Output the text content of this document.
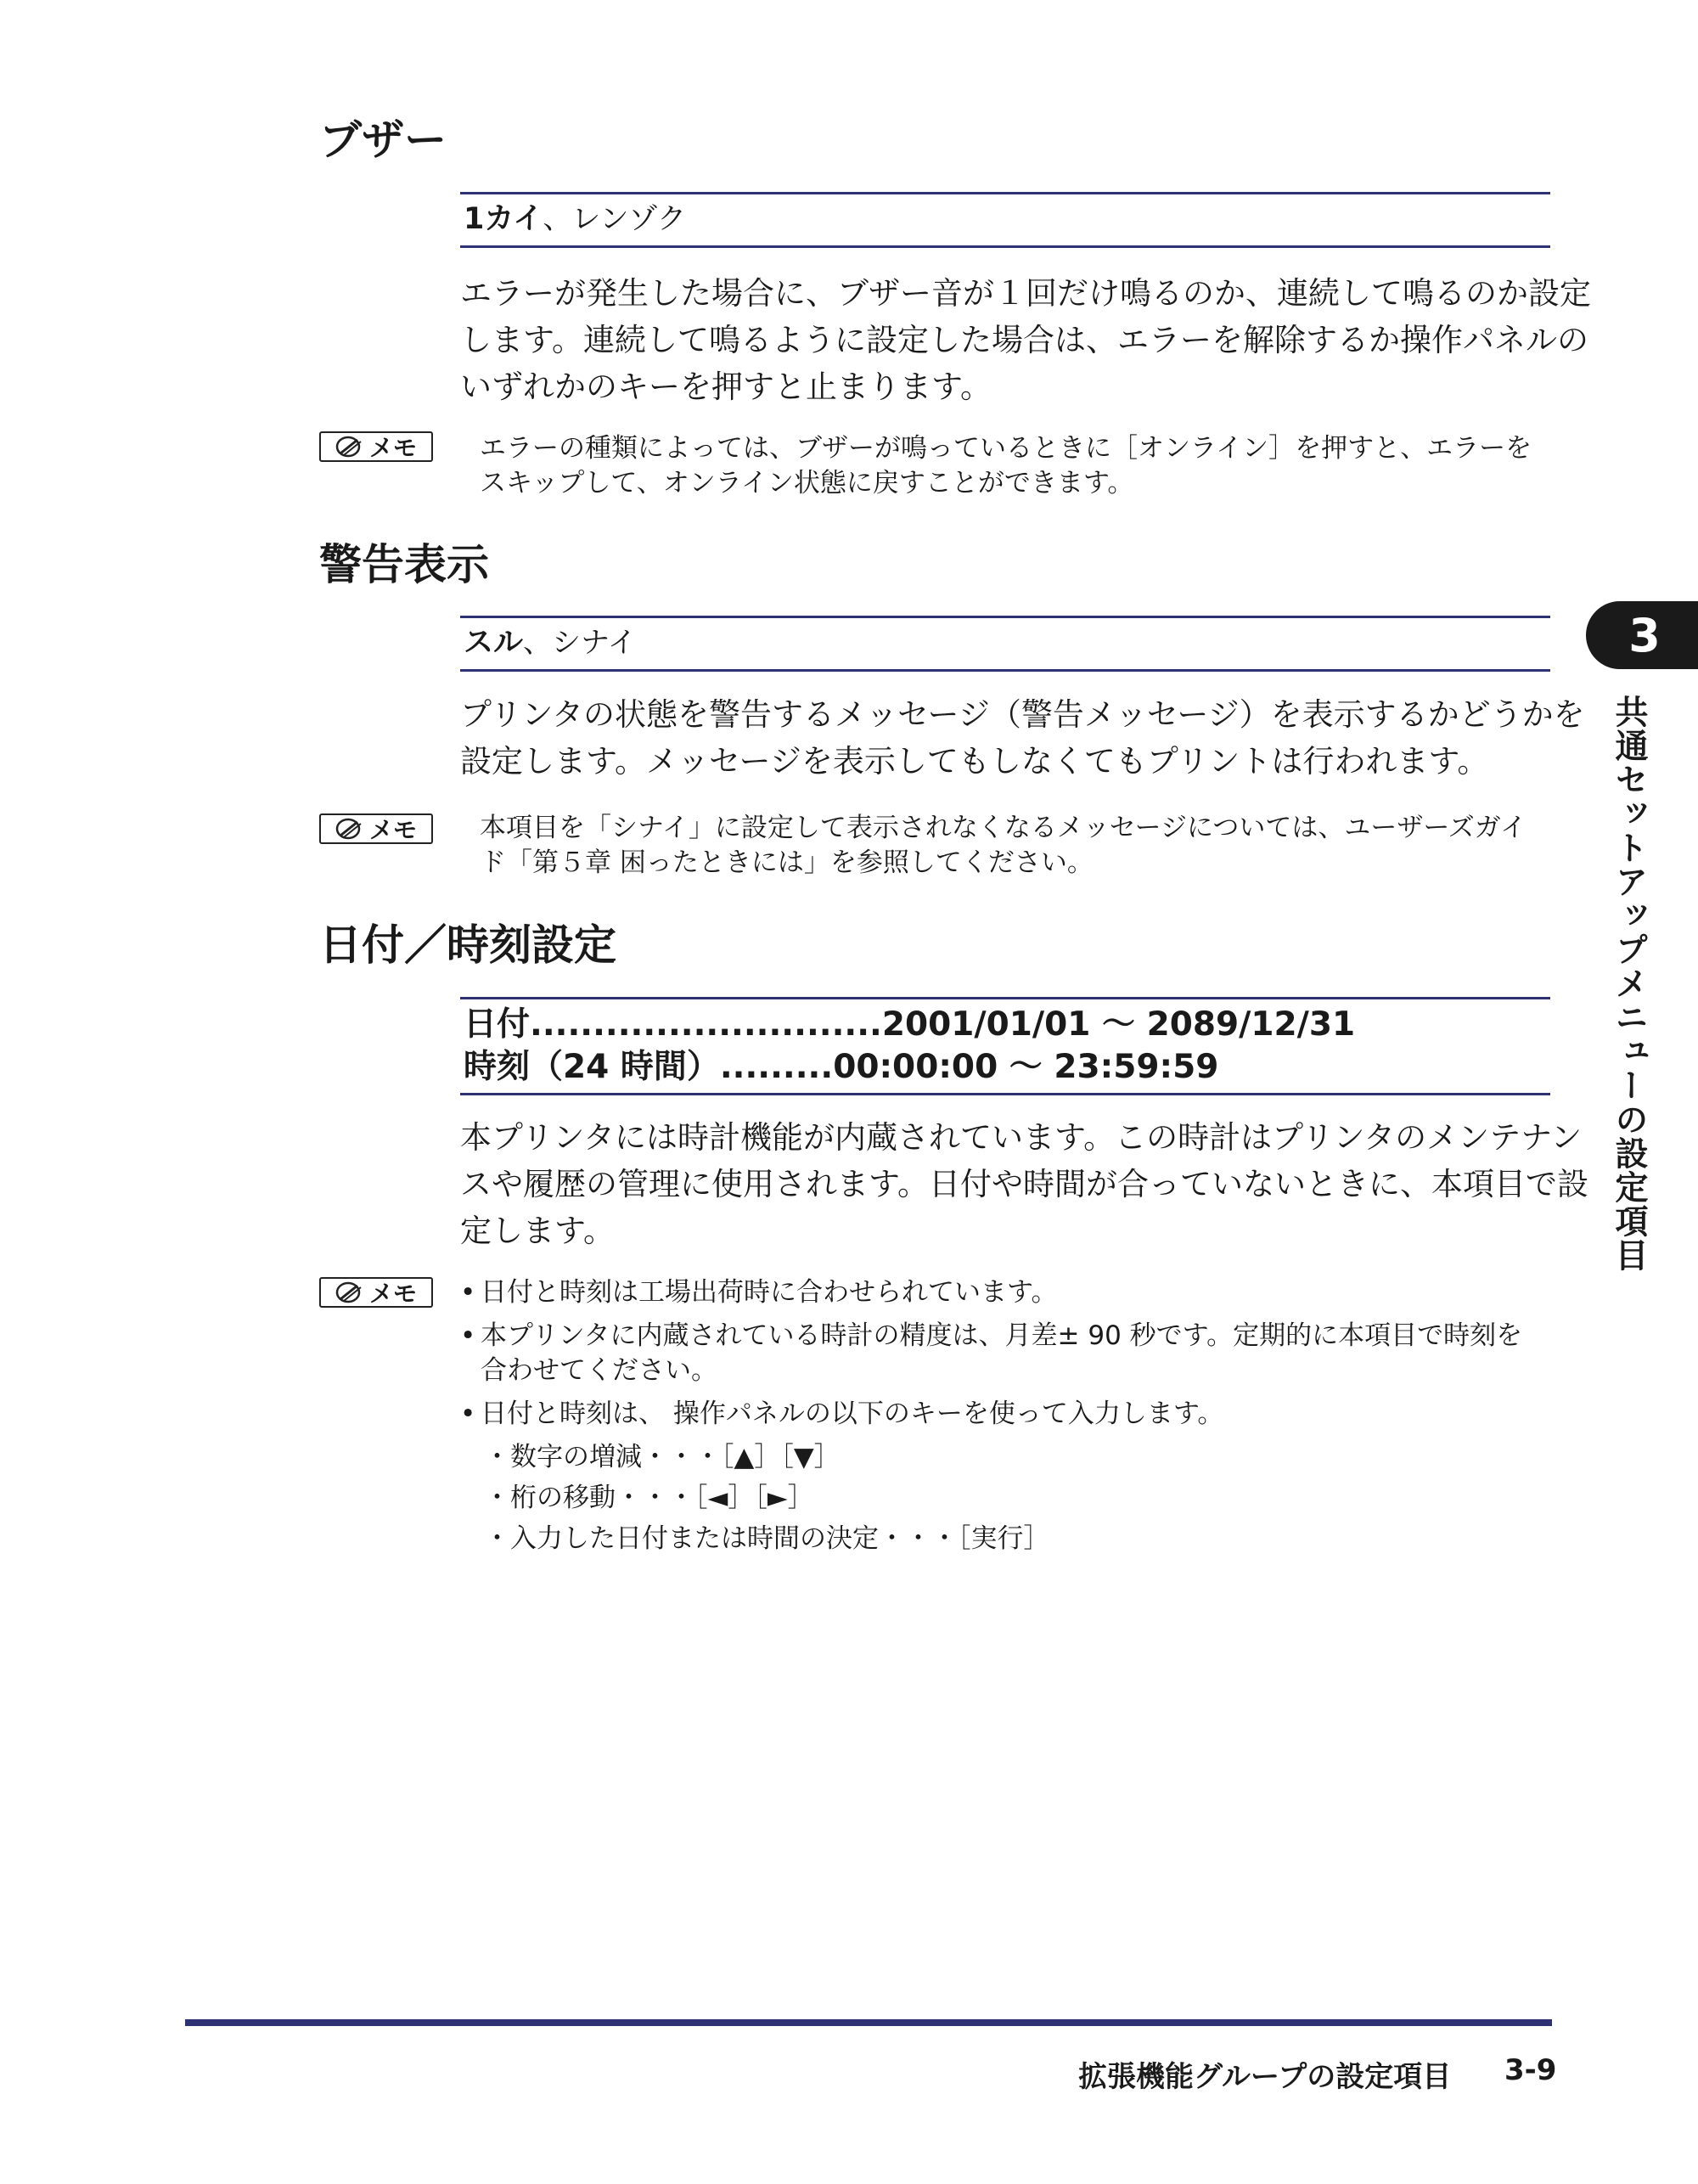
ブザー
1カイ、レンゾク
エラーが発生した場合に、ブザー音が１回だけ鳴るのか、連続して鳴るのか設定
します。連続して鳴るように設定した場合は、エラーを解除するか操作パネルの
いずれかのキーを押すと止まります。
メモ エラーの種類によっては、ブザーが鳴っているときに［オンライン］を押すと、エラーを
スキップして、オンライン状態に戻すことができます。
警告表示
スル、シナイ
プリンタの状態を警告するメッセージ（警告メッセージ）を表示するかどうかを
設定します。メッセージを表示してもしなくてもプリントは行われます。
メモ 本項目を「シナイ」に設定して表示されなくなるメッセージについては、ユーザーズガイ
ド「第５章 困ったときには」を参照してください。
日付／時刻設定
日付............................2001/01/01 ～ 2089/12/31
時刻（24 時間）.........00:00:00 ～ 23:59:59
本プリンタには時計機能が内蔵されています。この時計はプリンタのメンテナン
スや履歴の管理に使用されます。日付や時間が合っていないときに、本項目で設
定します。
メモ
• 日付と時刻は工場出荷時に合わせられています。
• 本プリンタに内蔵されている時計の精度は、月差± 90 秒です。定期的に本項目で時刻を
合わせてください。
• 日付と時刻は、 操作パネルの以下のキーを使って入力します。
・数字の増減・・・［▲］［▼］
・桁の移動・・・［◄］［►］
・入力した日付または時間の決定・・・［実行］
3
共通セットアップメニューの設定項目
拡張機能グループの設定項目 3-9
